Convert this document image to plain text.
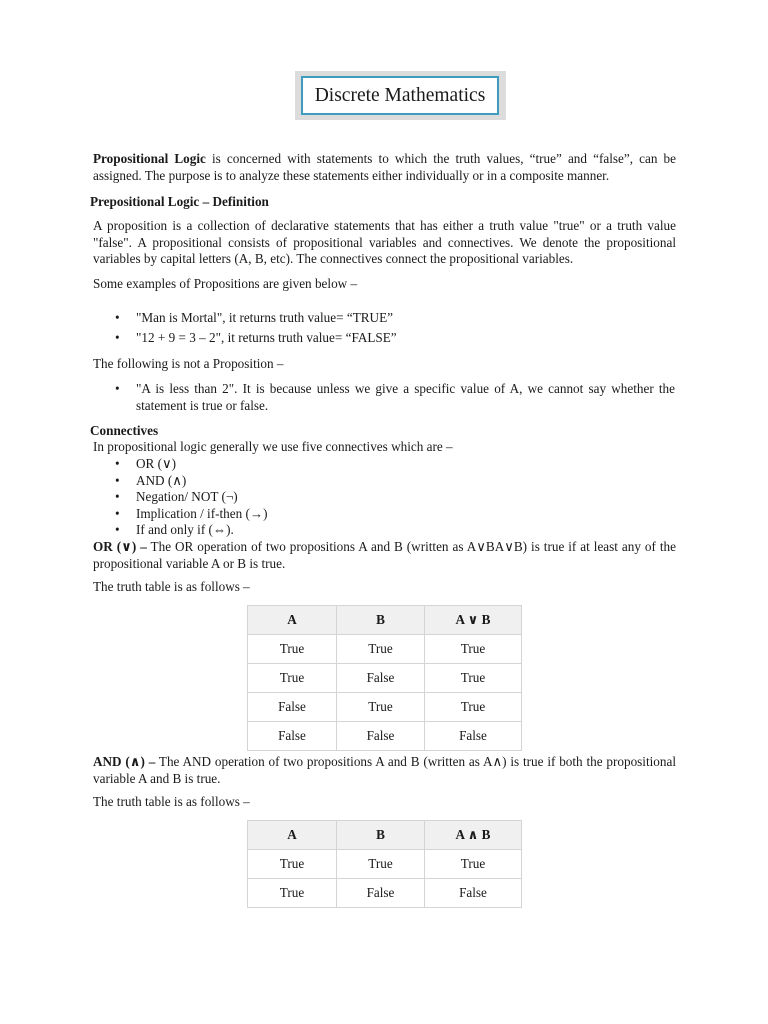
Discrete Mathematics
Propositional Logic is concerned with statements to which the truth values, “true” and “false”, can be assigned. The purpose is to analyze these statements either individually or in a composite manner.
Prepositional Logic – Definition
A proposition is a collection of declarative statements that has either a truth value "true" or a truth value "false". A propositional consists of propositional variables and connectives. We denote the propositional variables by capital letters (A, B, etc). The connectives connect the propositional variables.
Some examples of Propositions are given below –
• "Man is Mortal", it returns truth value= “TRUE”
• "12 + 9 = 3 – 2", it returns truth value= “FALSE”
The following is not a Proposition –
• "A is less than 2". It is because unless we give a specific value of A, we cannot say whether the statement is true or false.
Connectives
In propositional logic generally we use five connectives which are –
• OR (∨)
• AND (∧)
• Negation/ NOT (¬)
• Implication / if-then (→)
• If and only if (⇔).
OR (∨) – The OR operation of two propositions A and B (written as A∨BA∨B) is true if at least any of the propositional variable A or B is true.
The truth table is as follows –
A	B	A ∨ B
True	True	True
True	False	True
False	True	True
False	False	False
AND (∧) – The AND operation of two propositions A and B (written as A∧) is true if both the propositional variable A and B is true.
The truth table is as follows –
A	B	A ∧ B
True	True	True
True	False	False
